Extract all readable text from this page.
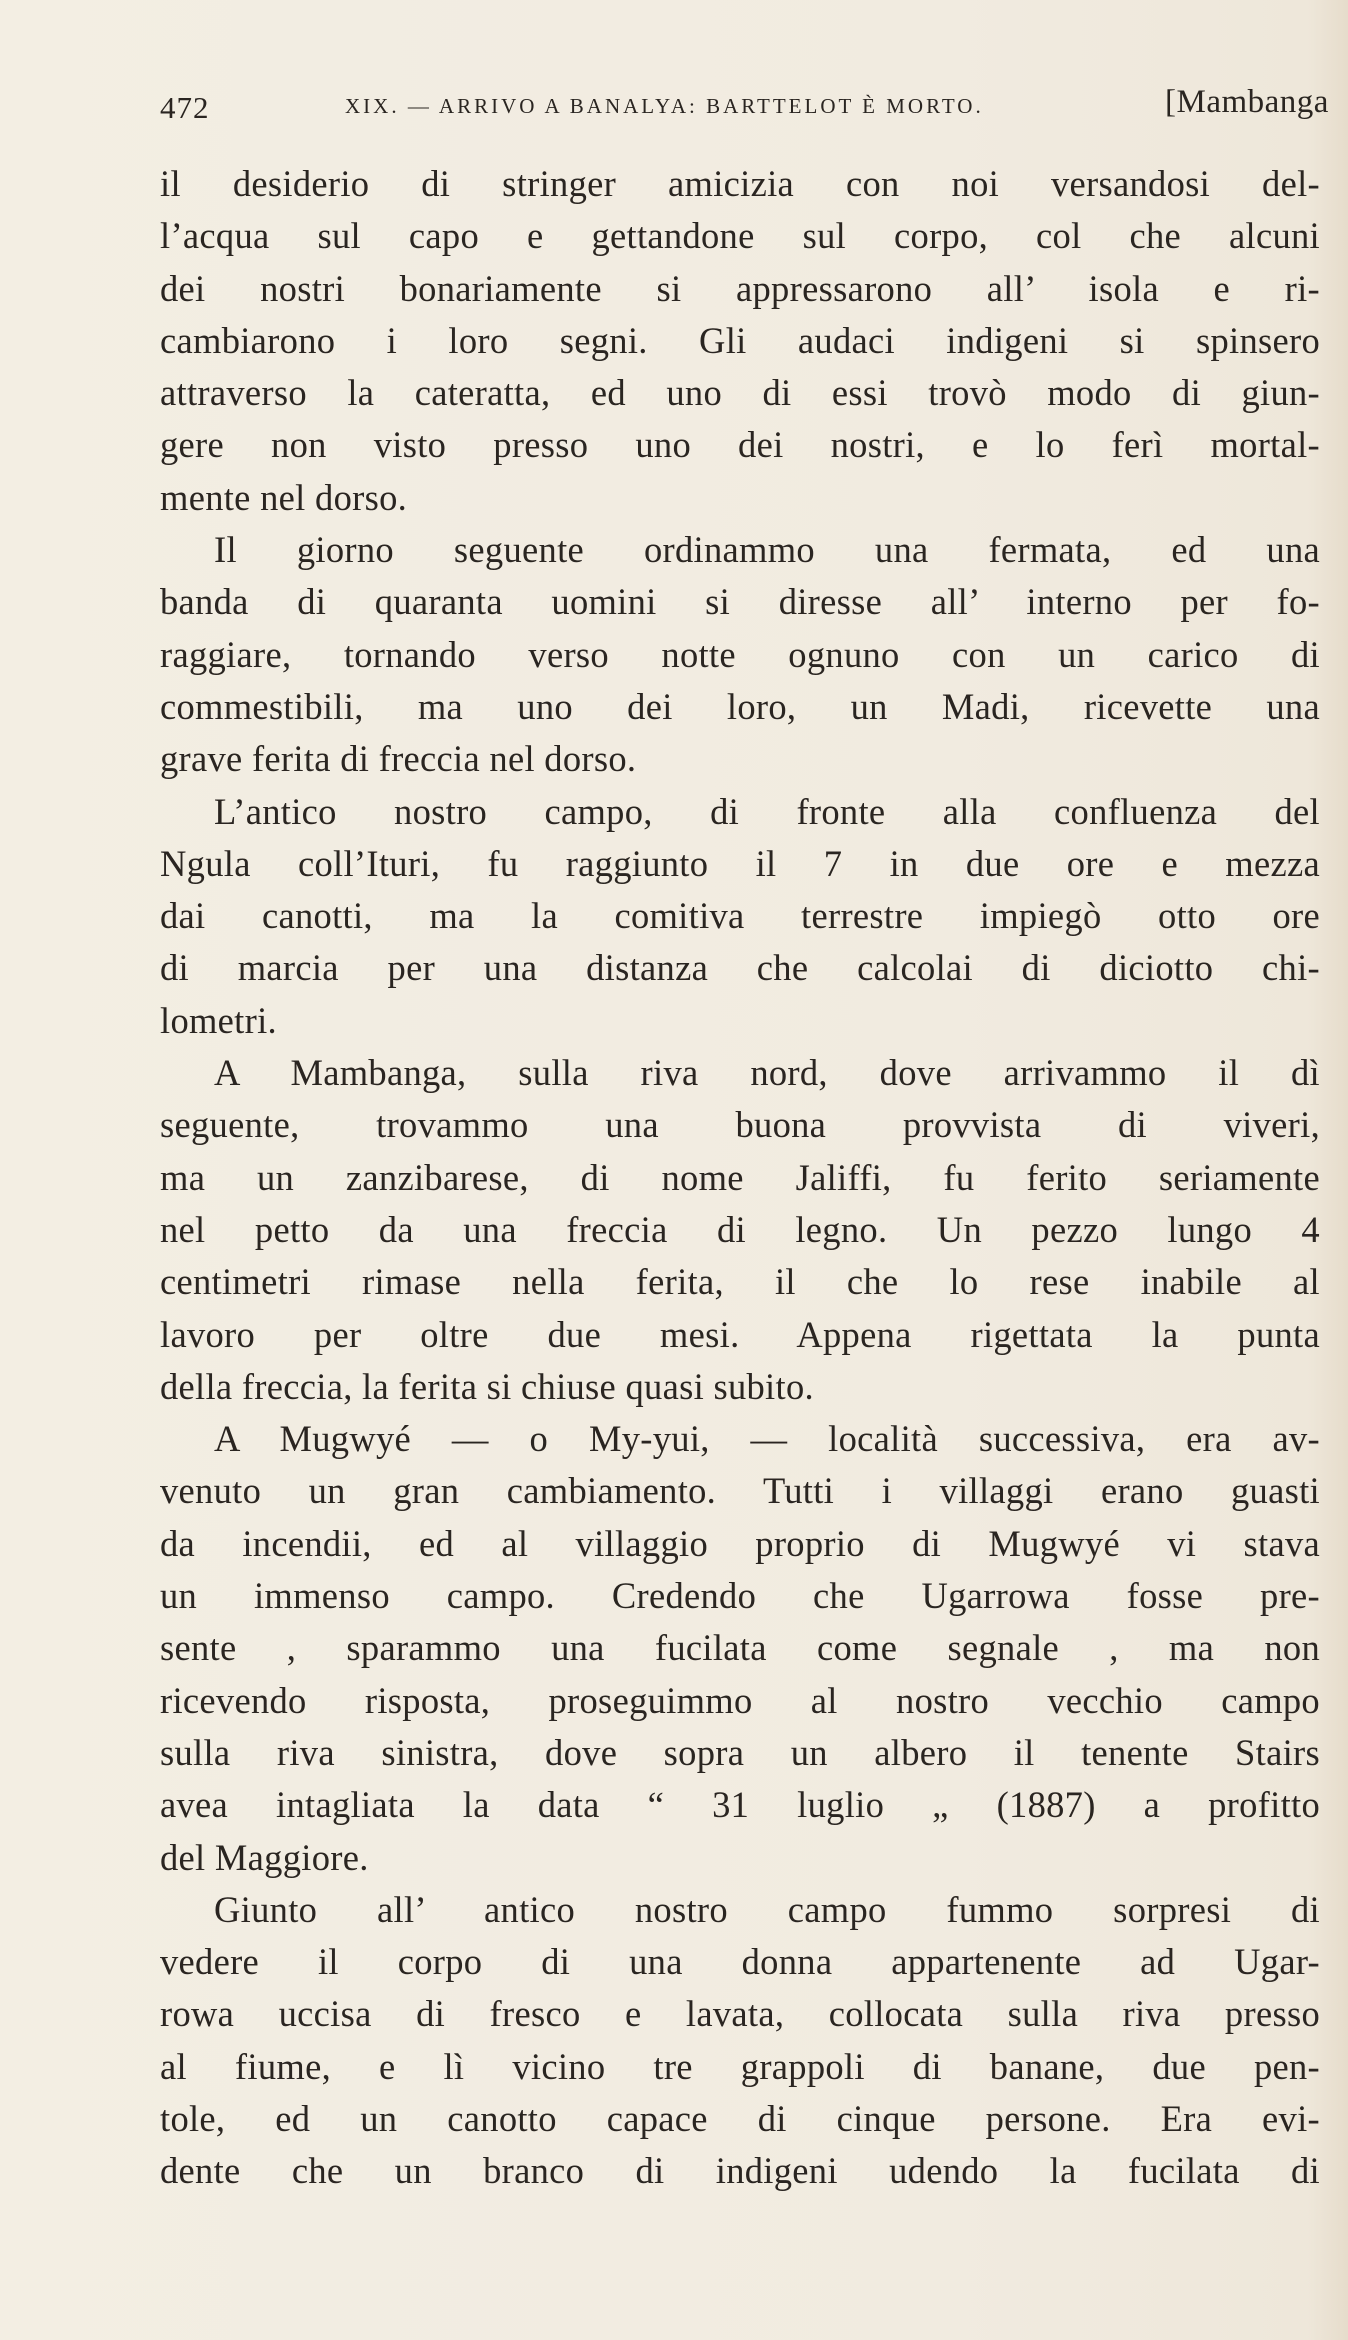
472	XIX. — ARRIVO A BANALYA: BARTTELOT È MORTO.	[Mambanga
il desiderio di stringer amicizia con noi versandosi del-
l’acqua sul capo e gettandone sul corpo, col che alcuni
dei nostri bonariamente si appressarono all’ isola e ri-
cambiarono i loro segni. Gli audaci indigeni si spinsero
attraverso la cateratta, ed uno di essi trovò modo di giun-
gere non visto presso uno dei nostri, e lo ferì mortal-
mente nel dorso.
Il giorno seguente ordinammo una fermata, ed una
banda di quaranta uomini si diresse all’ interno per fo-
raggiare, tornando verso notte ognuno con un carico di
commestibili, ma uno dei loro, un Madi, ricevette una
grave ferita di freccia nel dorso.
L’antico nostro campo, di fronte alla confluenza del
Ngula coll’Ituri, fu raggiunto il 7 in due ore e mezza
dai canotti, ma la comitiva terrestre impiegò otto ore
di marcia per una distanza che calcolai di diciotto chi-
lometri.
A Mambanga, sulla riva nord, dove arrivammo il dì
seguente, trovammo una buona provvista di viveri,
ma un zanzibarese, di nome Jaliffi, fu ferito seriamente
nel petto da una freccia di legno. Un pezzo lungo 4
centimetri rimase nella ferita, il che lo rese inabile al
lavoro per oltre due mesi. Appena rigettata la punta
della freccia, la ferita si chiuse quasi subito.
A Mugwyé — o My-yui, — località successiva, era av-
venuto un gran cambiamento. Tutti i villaggi erano guasti
da incendii, ed al villaggio proprio di Mugwyé vi stava
un immenso campo. Credendo che Ugarrowa fosse pre-
sente , sparammo una fucilata come segnale , ma non
ricevendo risposta, proseguimmo al nostro vecchio campo
sulla riva sinistra, dove sopra un albero il tenente Stairs
avea intagliata la data “ 31 luglio „ (1887) a profitto
del Maggiore.
Giunto all’ antico nostro campo fummo sorpresi di
vedere il corpo di una donna appartenente ad Ugar-
rowa uccisa di fresco e lavata, collocata sulla riva presso
al fiume, e lì vicino tre grappoli di banane, due pen-
tole, ed un canotto capace di cinque persone. Era evi-
dente che un branco di indigeni udendo la fucilata di
